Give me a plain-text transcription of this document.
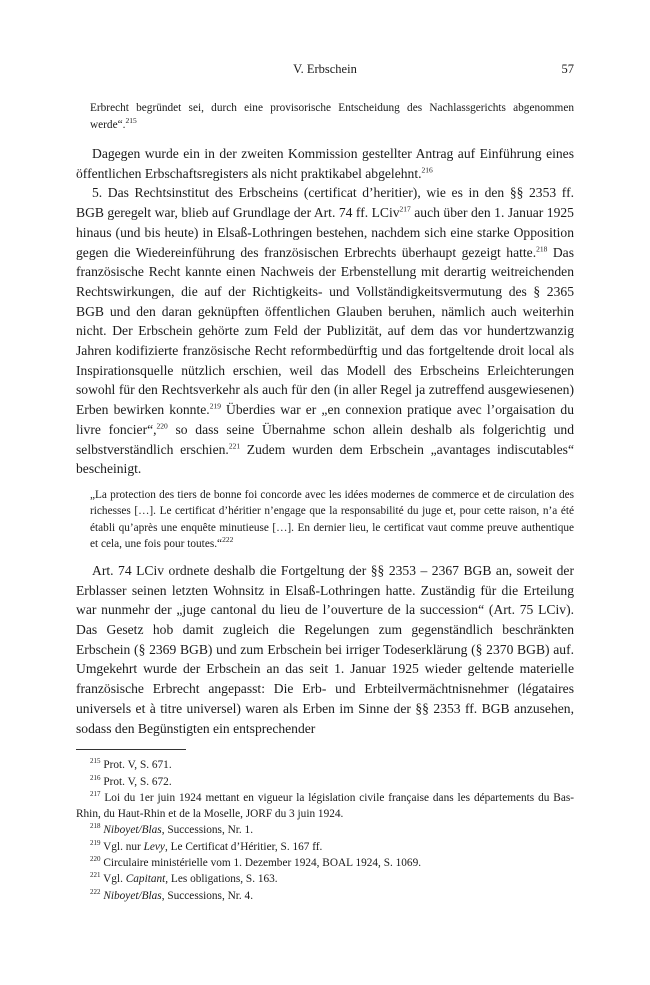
V. Erbschein	57

Erbrecht begründet sei, durch eine provisorische Entscheidung des Nachlassgerichts abgenommen werde“.$^{215}$

Dagegen wurde ein in der zweiten Kommission gestellter Antrag auf Einführung eines öffentlichen Erbschaftsregisters als nicht praktikabel abgelehnt.$^{216}$

5. Das Rechtsinstitut des Erbscheins (certificat d’heritier), wie es in den §§ 2353 ff. BGB geregelt war, blieb auf Grundlage der Art. 74 ff. LCiv$^{217}$ auch über den 1. Januar 1925 hinaus (und bis heute) in Elsaß-Lothringen bestehen, nachdem sich eine starke Opposition gegen die Wiedereinführung des französischen Erbrechts überhaupt gezeigt hatte.$^{218}$ Das französische Recht kannte einen Nachweis der Erbenstellung mit derartig weitreichenden Rechtswirkungen, die auf der Richtigkeits- und Vollständigkeitsvermutung des § 2365 BGB und den daran geknüpften öffentlichen Glauben beruhen, nämlich auch weiterhin nicht. Der Erbschein gehörte zum Feld der Publizität, auf dem das vor hundertzwanzig Jahren kodifizierte französische Recht reformbedürftig und das fortgeltende droit local als Inspirationsquelle nützlich erschien, weil das Modell des Erbscheins Erleichterungen sowohl für den Rechtsverkehr als auch für den (in aller Regel ja zutreffend ausgewiesenen) Erben bewirken konnte.$^{219}$ Überdies war er „en connexion pratique avec l’orgaisation du livre foncier“,$^{220}$ so dass seine Übernahme schon allein deshalb als folgerichtig und selbstverständlich erschien.$^{221}$ Zudem wurden dem Erbschein „avantages indiscutables“ bescheinigt.

„La protection des tiers de bonne foi concorde avec les idées modernes de commerce et de circulation des richesses […]. Le certificat d’héritier n’engage que la responsabilité du juge et, pour cette raison, n’a été établi qu’après une enquête minutieuse […]. En dernier lieu, le certificat vaut comme preuve authentique et cela, une fois pour toutes.“$^{222}$

Art. 74 LCiv ordnete deshalb die Fortgeltung der §§ 2353 – 2367 BGB an, soweit der Erblasser seinen letzten Wohnsitz in Elsaß-Lothringen hatte. Zuständig für die Erteilung war nunmehr der „juge cantonal du lieu de l’ouverture de la succession“ (Art. 75 LCiv). Das Gesetz hob damit zugleich die Regelungen zum gegenständlich beschränkten Erbschein (§ 2369 BGB) und zum Erbschein bei irriger Todeserklärung (§ 2370 BGB) auf. Umgekehrt wurde der Erbschein an das seit 1. Januar 1925 wieder geltende materielle französische Erbrecht angepasst: Die Erb- und Erbteilvermächtnisnehmer (légataires universels et à titre universel) waren als Erben im Sinne der §§ 2353 ff. BGB anzusehen, sodass den Begünstigten ein entsprechender

$^{215}$ Prot. V, S. 671.

$^{216}$ Prot. V, S. 672.

$^{217}$ Loi du 1er juin 1924 mettant en vigueur la législation civile française dans les départements du Bas-Rhin, du Haut-Rhin et de la Moselle, JORF du 3 juin 1924.

$^{218}$ Niboyet/Blas, Successions, Nr. 1.

$^{219}$ Vgl. nur Levy, Le Certificat d’Héritier, S. 167 ff.

$^{220}$ Circulaire ministérielle vom 1. Dezember 1924, BOAL 1924, S. 1069.

$^{221}$ Vgl. Capitant, Les obligations, S. 163.

$^{222}$ Niboyet/Blas, Successions, Nr. 4.
